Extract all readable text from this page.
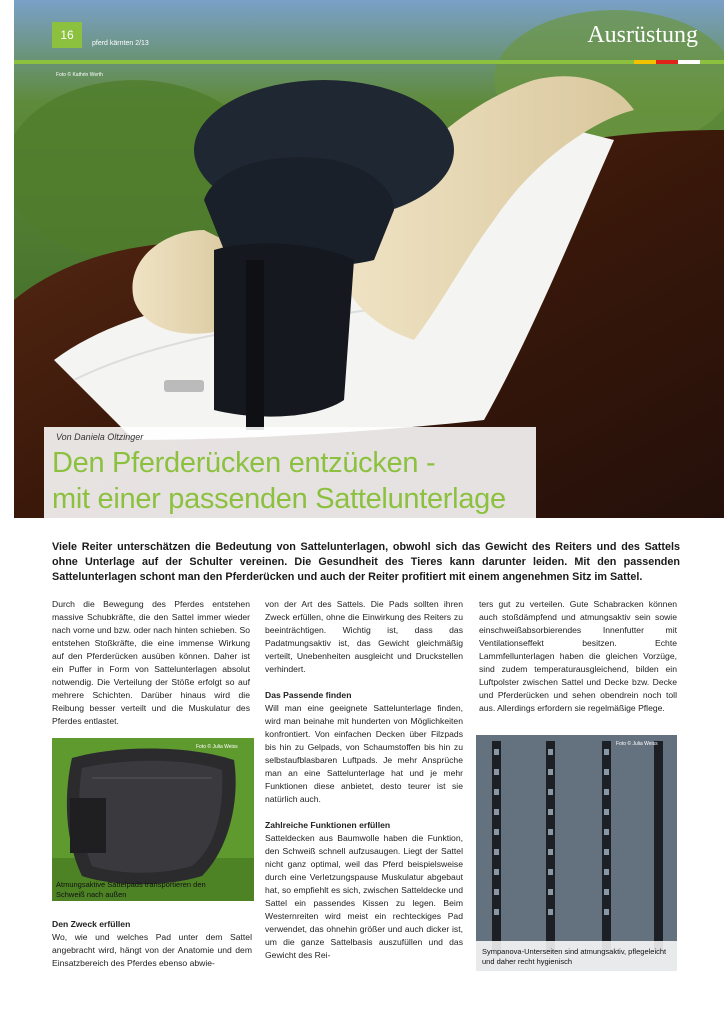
16
pferd kärnten 2/13	Ausrüstung
Foto © Kathrin Werth
Von Daniela Oltzinger
Den Pferderücken entzücken -
mit einer passenden Sattelunterlage
Viele Reiter unterschätzen die Bedeutung von Sattelunterlagen, obwohl sich das Gewicht des Reiters und des Sattels ohne Unterlage auf der Schulter vereinen. Die Gesundheit des Tieres kann darunter leiden. Mit den passenden Sattelunterlagen schont man den Pferderücken und auch der Reiter profitiert mit einem angenehmen Sitz im Sattel.

Durch die Bewegung des Pferdes entstehen massive Schubkräfte, die den Sattel immer wieder nach vorne und bzw. oder nach hinten schieben. So entstehen Stoßkräfte, die eine immense Wirkung auf den Pferderücken ausüben können. Daher ist ein Puffer in Form von Sattelunterlagen absolut notwendig. Die Verteilung der Stöße erfolgt so auf mehrere Schichten. Darüber hinaus wird die Reibung besser verteilt und die Muskulatur des Pferdes entlastet.

Foto © Julia Weiss
Atmungsaktive Sattelpads transportieren den Schweiß nach außen

Den Zweck erfüllen

Wo, wie und welches Pad unter dem Sattel angebracht wird, hängt von der Anatomie und dem Einsatzbereich des Pferdes ebenso abwie-

von der Art des Sattels. Die Pads sollten ihren Zweck erfüllen, ohne die Einwirkung des Reiters zu beeinträchtigen. Wichtig ist, dass das Padatmungsaktiv ist, das Gewicht gleichmäßig verteilt, Unebenheiten ausgleicht und Druckstellen verhindert.

Das Passende finden

Will man eine geeignete Sattelunterlage finden, wird man beinahe mit hunderten von Möglichkeiten konfrontiert. Von einfachen Decken über Filzpads bis hin zu Gelpads, von Schaumstoffen bis hin zu selbstaufblasbaren Luftpads. Je mehr Ansprüche man an eine Sattelunterlage hat und je mehr Funktionen diese anbietet, desto teurer ist sie natürlich auch.

Zahlreiche Funktionen erfüllen

Satteldecken aus Baumwolle haben die Funktion, den Schweiß schnell aufzusaugen. Liegt der Sattel nicht ganz optimal, weil das Pferd beispielsweise durch eine Verletzungspause Muskulatur abgebaut hat, so empfiehlt es sich, zwischen Satteldecke und Sattel ein passendes Kissen zu legen. Beim Westernreiten wird meist ein rechteckiges Pad verwendet, das ohnehin größer und auch dicker ist, um die ganze Sattelbasis auszufüllen und das Gewicht des Rei-

ters gut zu verteilen. Gute Schabracken können auch stoßdämpfend und atmungsaktiv sein sowie einschweißabsorbierendes Innenfutter mit Ventilationseffekt besitzen. Echte Lammfellunterlagen haben die gleichen Vorzüge, sind zudem temperaturausgleichend, bilden ein Luftpolster zwischen Sattel und Decke bzw. Decke und Pferderücken und sehen obendrein noch toll aus. Allerdings erfordern sie regelmäßige Pflege.

Foto © Julia Weiss
Sympanova-Unterseiten sind atmungsaktiv, pflegeleicht und daher recht hygienisch
